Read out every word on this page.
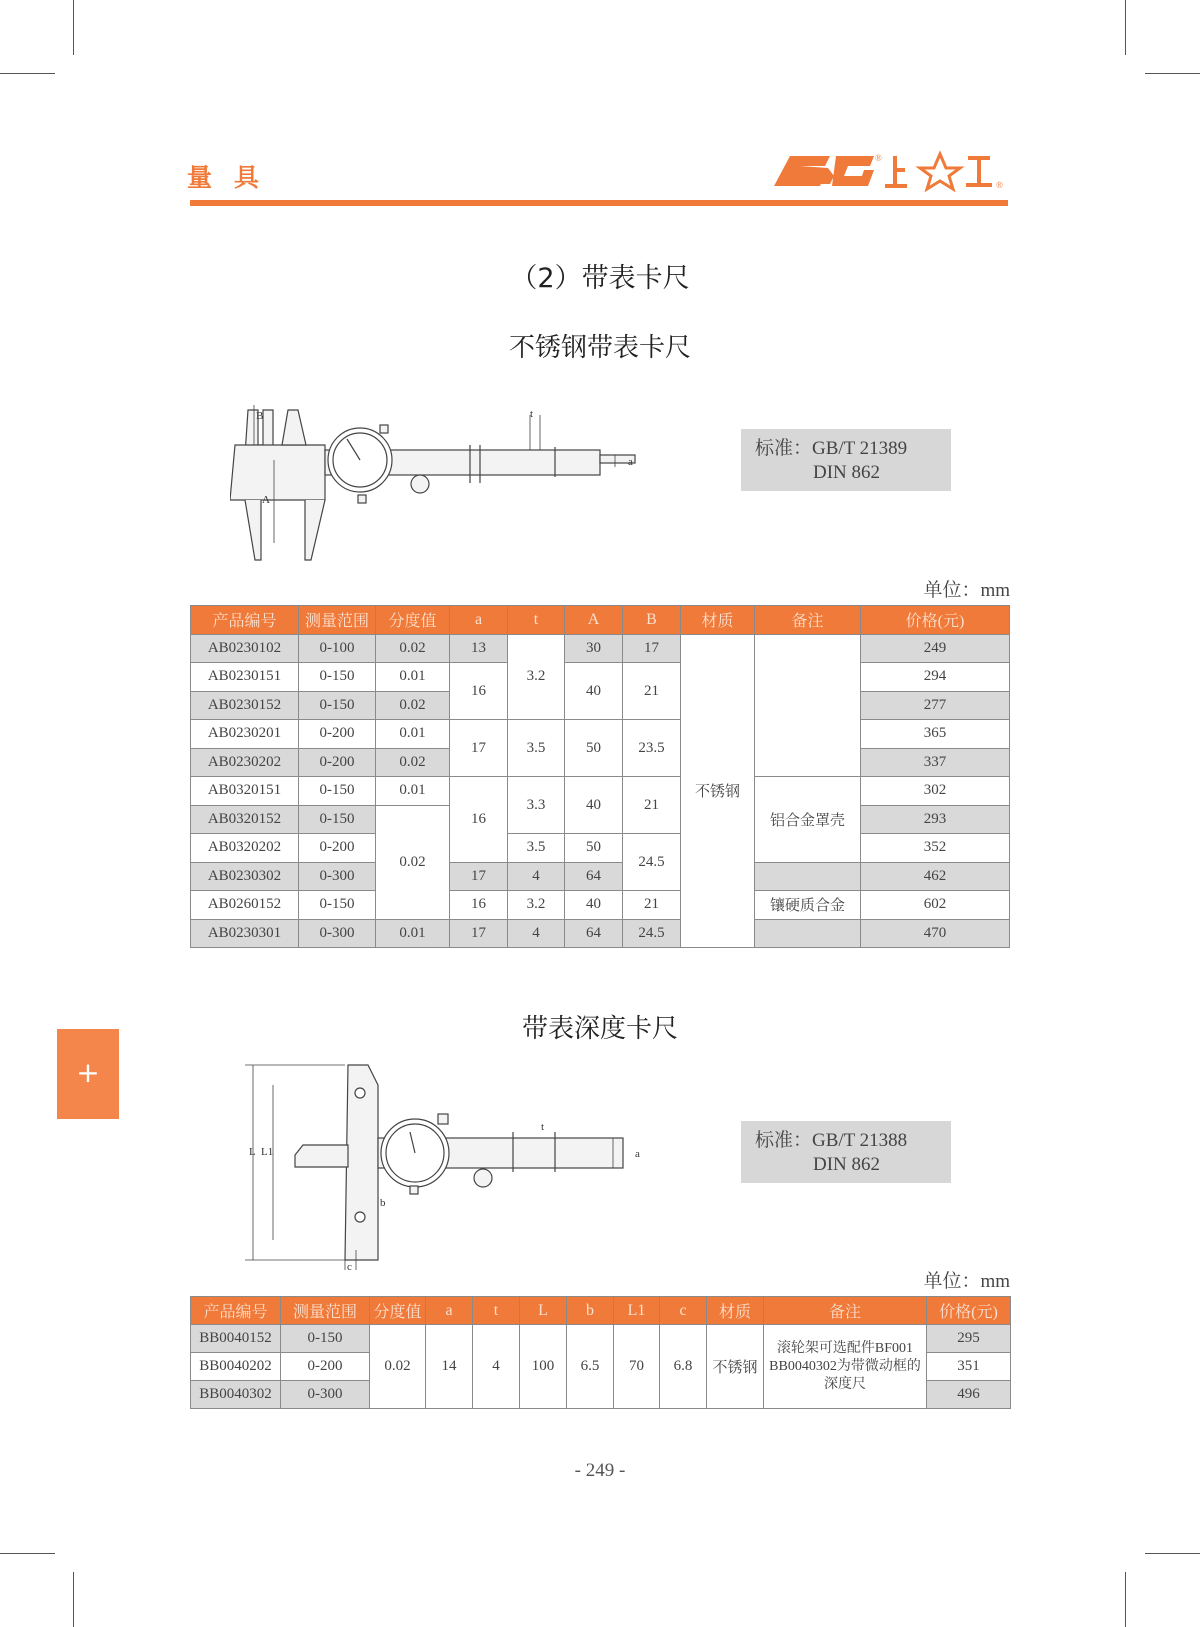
量具
®
®
（2）带表卡尺
不锈钢带表卡尺
B
A
t
a
标准：GB/T 21389
DIN 862
单位：mm
产品编号	测量范围	分度值	a	t	A	B	材质	备注	价格(元)
AB0230102	0-100	0.02	13	3.2	30	17	不锈钢		249
AB0230151	0-150	0.01	16		40	21			294
AB0230152	0-150	0.02							277
AB0230201	0-200	0.01	17	3.5	50	23.5			365
AB0230202	0-200	0.02							337
AB0320151	0-150	0.01	16	3.3	40	21		铝合金罩壳	302
AB0320152	0-150	0.02							293
AB0320202	0-200			3.5	50	24.5			352
AB0230302	0-300		17	4	64				462
AB0260152	0-150		16	3.2	40	21		镶硬质合金	602
AB0230301	0-300	0.01	17	4	64	24.5			470
带表深度卡尺
L L1
b
c
t
a
标准：GB/T 21388
DIN 862
单位：mm
产品编号	测量范围	分度值	a	t	L	b	L1	c	材质	备注	价格(元)
BB0040152	0-150	0.02	14	4	100	6.5	70	6.8	不锈钢	滚轮架可选配件BF001 BB0040302为带微动框的深度尺	295
BB0040202	0-200										351
BB0040302	0-300										496
+
- 249 -
